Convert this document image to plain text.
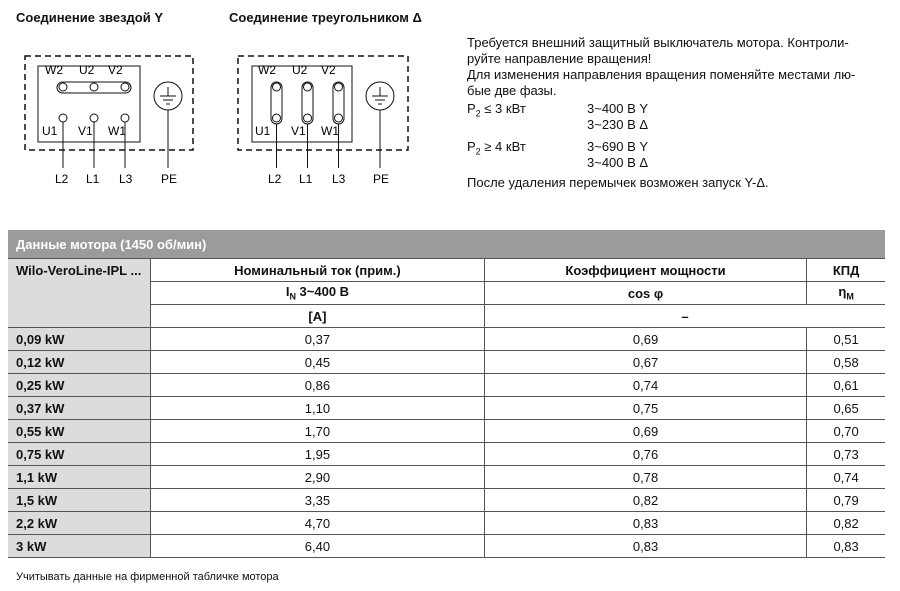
Соединение звездой Y	Соединение треугольником Δ
W2 U2 V2
U1 V1 W1
L2 L1 L3 PE
W2 U2 V2
U1 V1 W1
L2 L1 L3 PE
Требуется внешний защитный выключатель мотора. Контроли-
руйте направление вращения!
Для изменения направления вращения поменяйте местами лю-
бые две фазы.
$P_2 \le 3$ кВт	3~400 В Y
3~230 В Δ
$P_2 \ge 4$ кВт	3~690 В Y
3~400 В Δ
После удаления перемычек возможен запуск Y-Δ.
Данные мотора (1450 об/мин)			
Wilo-VeroLine-IPL ...	Номинальный ток (прим.)	Коэффициент мощности	КПД
	$I_N$ 3~400 В	cos φ	$\eta_M$
	[A]	–	
0,09 kW	0,37	0,69	0,51
0,12 kW	0,45	0,67	0,58
0,25 kW	0,86	0,74	0,61
0,37 kW	1,10	0,75	0,65
0,55 kW	1,70	0,69	0,70
0,75 kW	1,95	0,76	0,73
1,1 kW	2,90	0,78	0,74
1,5 kW	3,35	0,82	0,79
2,2 kW	4,70	0,83	0,82
3 kW	6,40	0,83	0,83
Учитывать данные на фирменной табличке мотора
